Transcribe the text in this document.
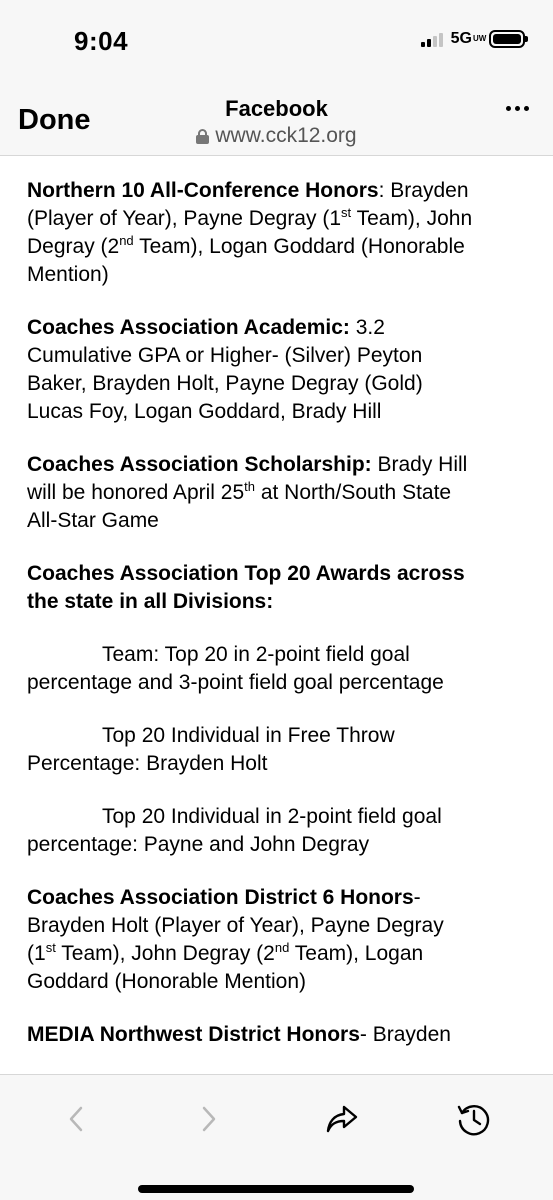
9:04	5G UW
Done	Facebook
www.cck12.org
Northern 10 All-Conference Honors: Brayden
(Player of Year), Payne Degray (1st Team), John
Degray (2nd Team), Logan Goddard (Honorable
Mention)
Coaches Association Academic: 3.2
Cumulative GPA or Higher- (Silver) Peyton
Baker, Brayden Holt, Payne Degray (Gold)
Lucas Foy, Logan Goddard, Brady Hill
Coaches Association Scholarship: Brady Hill
will be honored April 25th at North/South State
All-Star Game
Coaches Association Top 20 Awards across
the state in all Divisions:
Team: Top 20 in 2-point field goal
percentage and 3-point field goal percentage
Top 20 Individual in Free Throw
Percentage: Brayden Holt
Top 20 Individual in 2-point field goal
percentage: Payne and John Degray
Coaches Association District 6 Honors-
Brayden Holt (Player of Year), Payne Degray
(1st Team), John Degray (2nd Team), Logan
Goddard (Honorable Mention)
MEDIA Northwest District Honors- Brayden
